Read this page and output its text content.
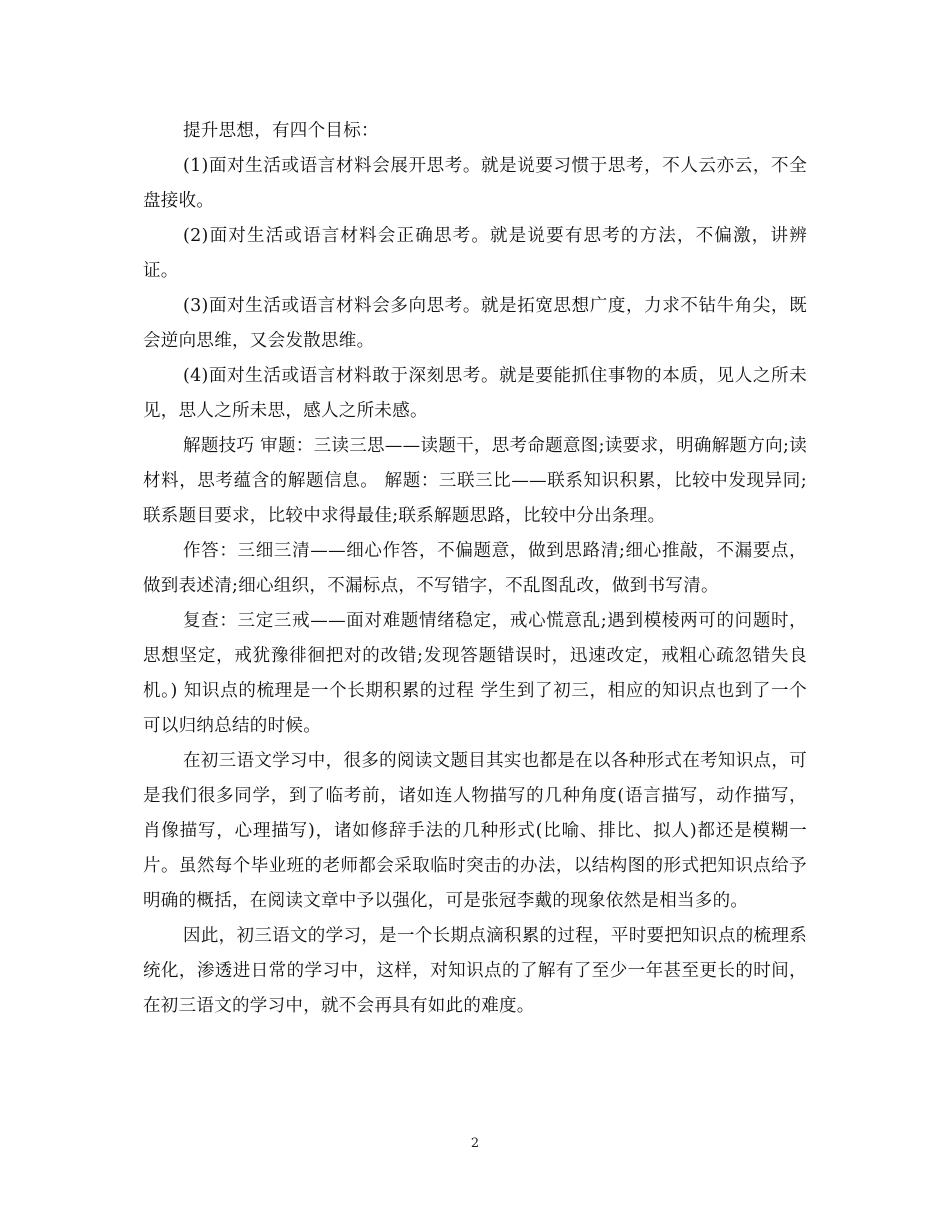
提升思想，有四个目标：

(1)面对生活或语言材料会展开思考。就是说要习惯于思考，不人云亦云，不全盘接收。

(2)面对生活或语言材料会正确思考。就是说要有思考的方法，不偏激，讲辨证。

(3)面对生活或语言材料会多向思考。就是拓宽思想广度，力求不钻牛角尖，既会逆向思维，又会发散思维。

(4)面对生活或语言材料敢于深刻思考。就是要能抓住事物的本质，见人之所未见，思人之所未思，感人之所未感。

解题技巧 审题：三读三思——读题干，思考命题意图;读要求，明确解题方向;读材料，思考蕴含的解题信息。 解题：三联三比——联系知识积累，比较中发现异同;联系题目要求，比较中求得最佳;联系解题思路，比较中分出条理。

作答：三细三清——细心作答，不偏题意，做到思路清;细心推敲，不漏要点，做到表述清;细心组织，不漏标点，不写错字，不乱图乱改，做到书写清。

复查：三定三戒——面对难题情绪稳定，戒心慌意乱;遇到模棱两可的问题时，思想坚定，戒犹豫徘徊把对的改错;发现答题错误时，迅速改定，戒粗心疏忽错失良机。) 知识点的梳理是一个长期积累的过程 学生到了初三，相应的知识点也到了一个可以归纳总结的时候。

在初三语文学习中，很多的阅读文题目其实也都是在以各种形式在考知识点，可是我们很多同学，到了临考前，诸如连人物描写的几种角度(语言描写，动作描写，肖像描写，心理描写)，诸如修辞手法的几种形式(比喻、排比、拟人)都还是模糊一片。虽然每个毕业班的老师都会采取临时突击的办法，以结构图的形式把知识点给予明确的概括，在阅读文章中予以强化，可是张冠李戴的现象依然是相当多的。

因此，初三语文的学习，是一个长期点滴积累的过程，平时要把知识点的梳理系统化，渗透进日常的学习中，这样，对知识点的了解有了至少一年甚至更长的时间，在初三语文的学习中，就不会再具有如此的难度。

2
